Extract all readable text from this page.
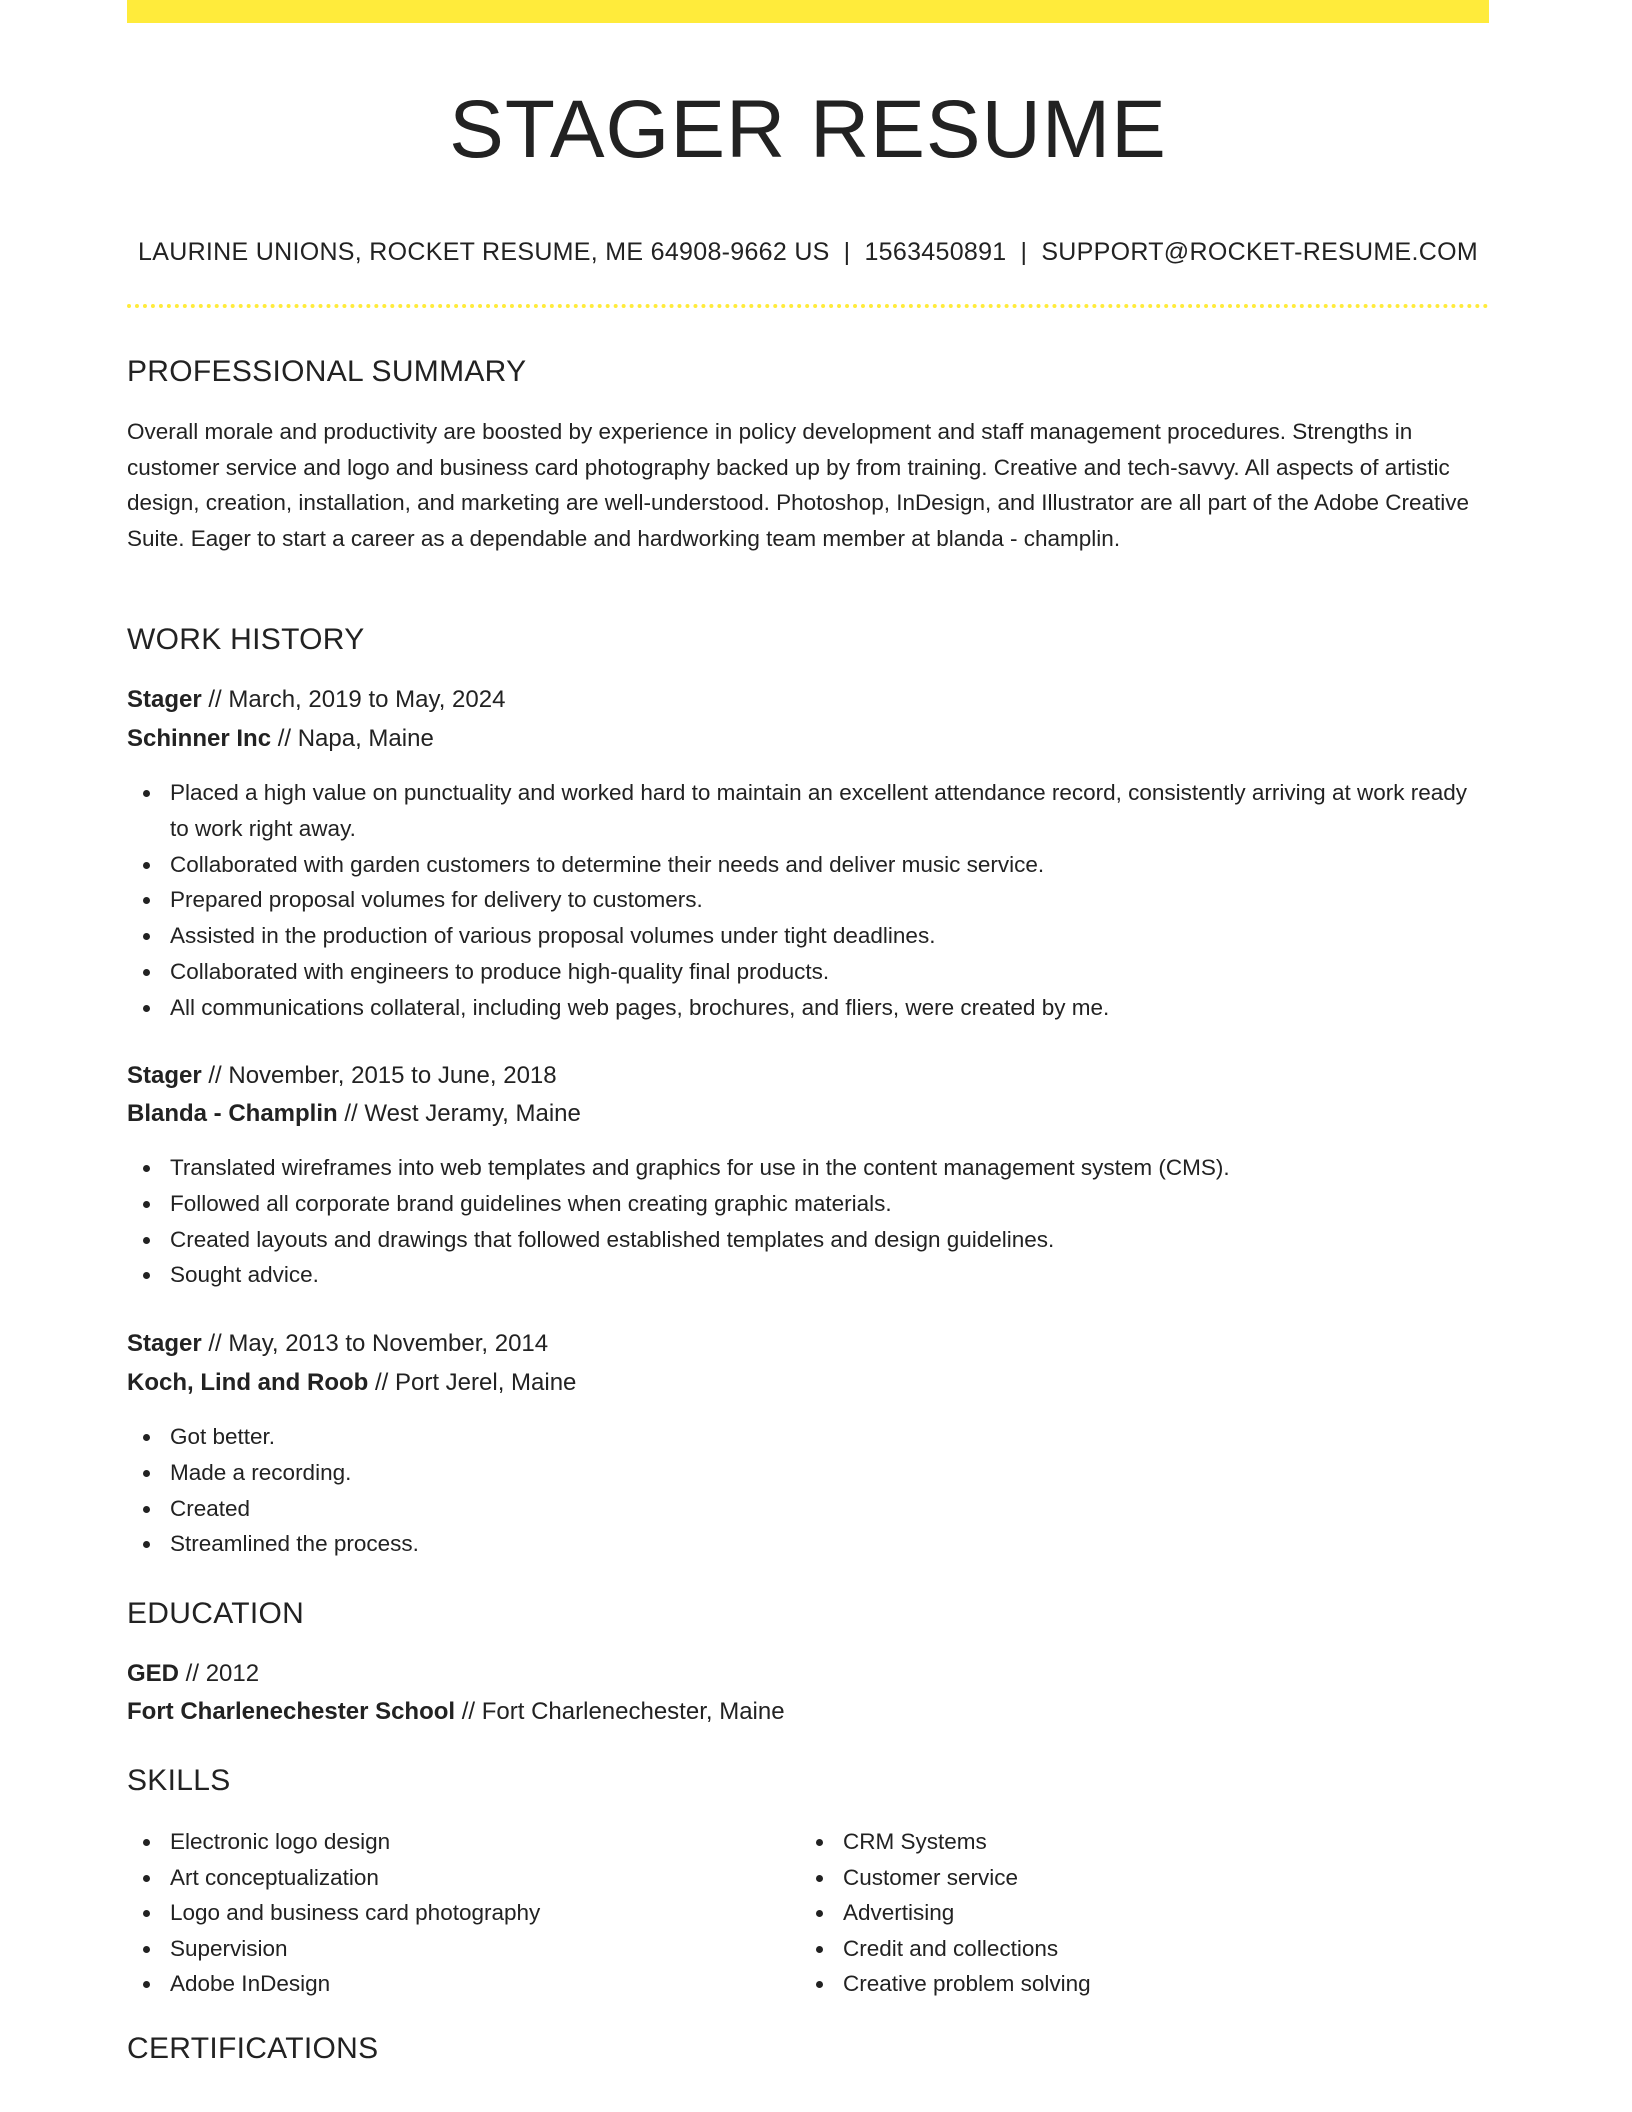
STAGER RESUME
LAURINE UNIONS, ROCKET RESUME, ME 64908-9662 US | 1563450891 | SUPPORT@ROCKET-RESUME.COM
PROFESSIONAL SUMMARY

Overall morale and productivity are boosted by experience in policy development and staff management procedures. Strengths in customer service and logo and business card photography backed up by from training. Creative and tech-savvy. All aspects of artistic design, creation, installation, and marketing are well-understood. Photoshop, InDesign, and Illustrator are all part of the Adobe Creative Suite. Eager to start a career as a dependable and hardworking team member at blanda - champlin.

WORK HISTORY
Stager // March, 2019 to May, 2024
Schinner Inc // Napa, Maine
Placed a high value on punctuality and worked hard to maintain an excellent attendance record, consistently arriving at work ready to work right away.
Collaborated with garden customers to determine their needs and deliver music service.
Prepared proposal volumes for delivery to customers.
Assisted in the production of various proposal volumes under tight deadlines.
Collaborated with engineers to produce high-quality final products.
All communications collateral, including web pages, brochures, and fliers, were created by me.
Stager // November, 2015 to June, 2018
Blanda - Champlin // West Jeramy, Maine
Translated wireframes into web templates and graphics for use in the content management system (CMS).
Followed all corporate brand guidelines when creating graphic materials.
Created layouts and drawings that followed established templates and design guidelines.
Sought advice.
Stager // May, 2013 to November, 2014
Koch, Lind and Roob // Port Jerel, Maine
Got better.
Made a recording.
Created
Streamlined the process.
EDUCATION
GED // 2012
Fort Charlenechester School // Fort Charlenechester, Maine
SKILLS
Electronic logo design
Art conceptualization
Logo and business card photography
Supervision
Adobe InDesign
CRM Systems
Customer service
Advertising
Credit and collections
Creative problem solving
CERTIFICATIONS
